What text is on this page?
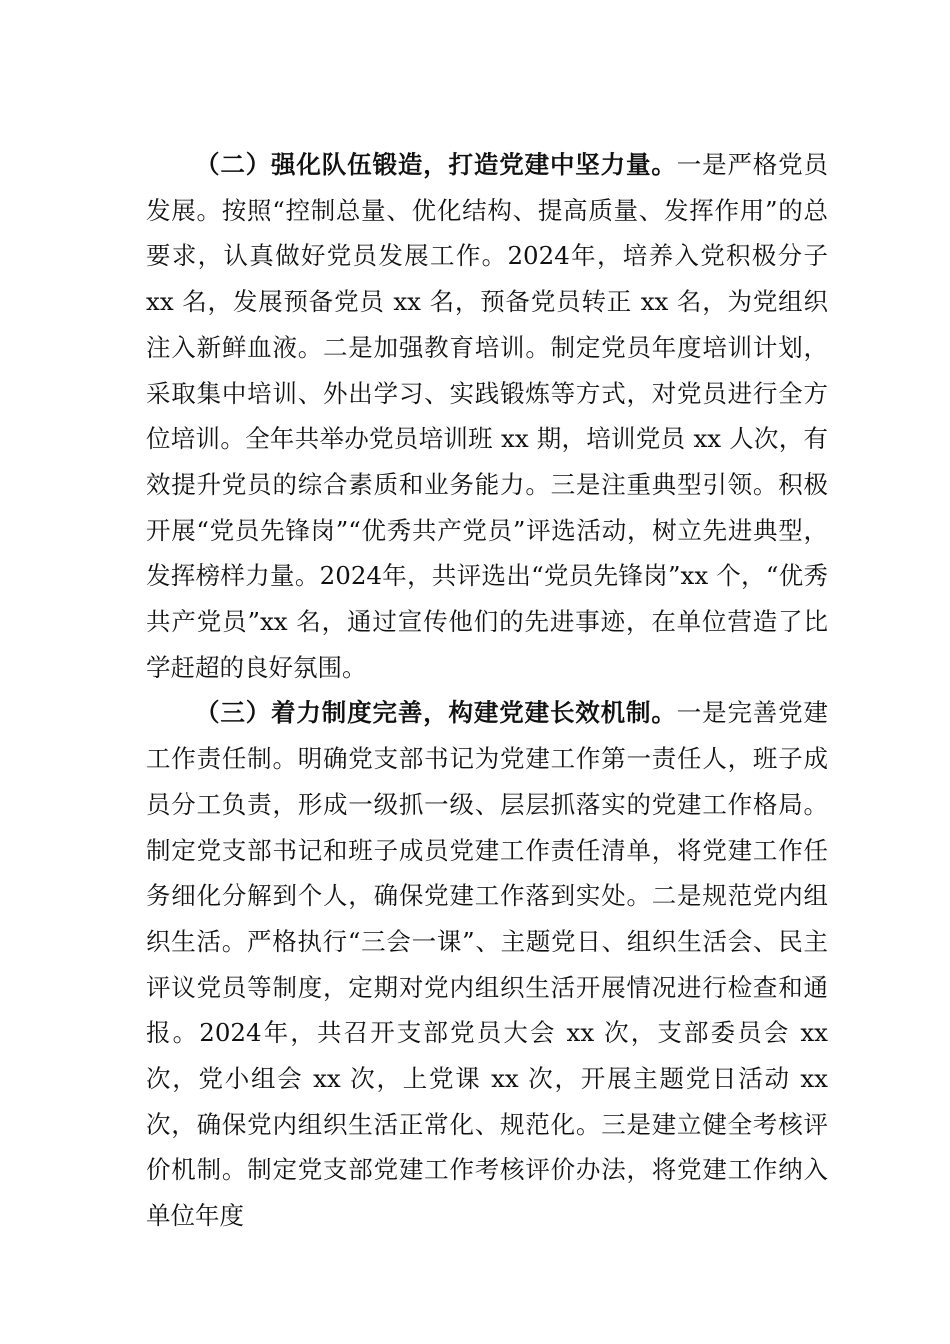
（二）强化队伍锻造，打造党建中坚力量。一是严格党员发展。按照“控制总量、优化结构、提高质量、发挥作用”的总要求，认真做好党员发展工作。2024年，培养入党积极分子 xx 名，发展预备党员 xx 名，预备党员转正 xx 名，为党组织注入新鲜血液。二是加强教育培训。制定党员年度培训计划，采取集中培训、外出学习、实践锻炼等方式，对党员进行全方位培训。全年共举办党员培训班 xx 期，培训党员 xx 人次，有效提升党员的综合素质和业务能力。三是注重典型引领。积极开展“党员先锋岗”“优秀共产党员”评选活动，树立先进典型，发挥榜样力量。2024年，共评选出“党员先锋岗”xx 个，“优秀共产党员”xx 名，通过宣传他们的先进事迹，在单位营造了比学赶超的良好氛围。

（三）着力制度完善，构建党建长效机制。一是完善党建工作责任制。明确党支部书记为党建工作第一责任人，班子成员分工负责，形成一级抓一级、层层抓落实的党建工作格局。制定党支部书记和班子成员党建工作责任清单，将党建工作任务细化分解到个人，确保党建工作落到实处。二是规范党内组织生活。严格执行“三会一课”、主题党日、组织生活会、民主评议党员等制度，定期对党内组织生活开展情况进行检查和通报。2024年，共召开支部党员大会 xx 次，支部委员会 xx 次，党小组会 xx 次，上党课 xx 次，开展主题党日活动 xx 次，确保党内组织生活正常化、规范化。三是建立健全考核评价机制。制定党支部党建工作考核评价办法，将党建工作纳入单位年度
